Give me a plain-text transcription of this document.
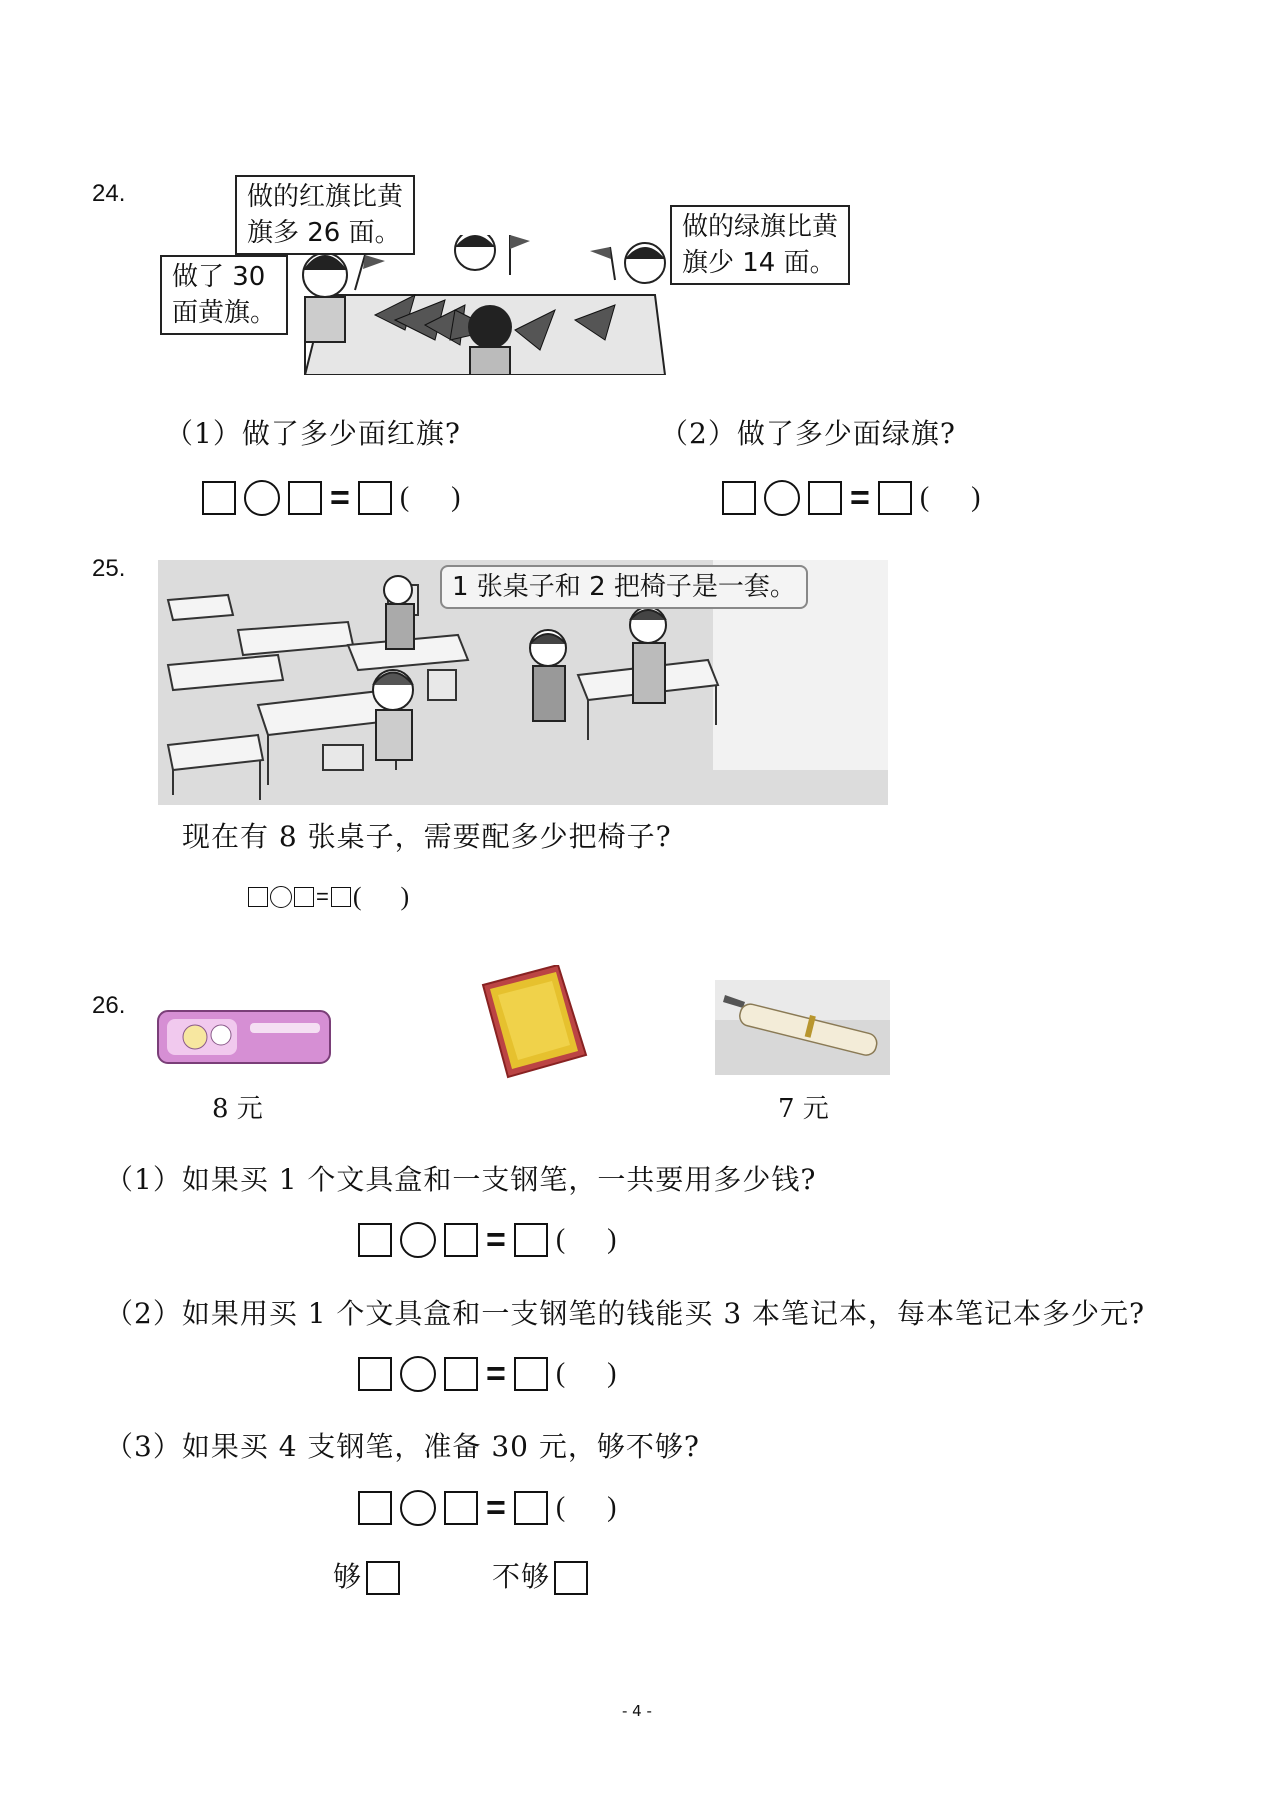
24.
做了 30
面黄旗。
做的红旗比黄
旗多 26 面。	做的绿旗比黄
旗少 14 面。
（1）做了多少面红旗?	（2）做了多少面绿旗?
= (      )	= (      )
25.
1 张桌子和 2 把椅子是一套。
现在有 8 张桌子，需要配多少把椅子?
= (      )
26.
8 元	7 元
（1）如果买 1 个文具盒和一支钢笔，一共要用多少钱?
= (      )
（2）如果用买 1 个文具盒和一支钢笔的钱能买 3 本笔记本，每本笔记本多少元?
= (      )
（3）如果买 4 支钢笔，准备 30 元，够不够?
= (      )
够	不够
- 4 -
